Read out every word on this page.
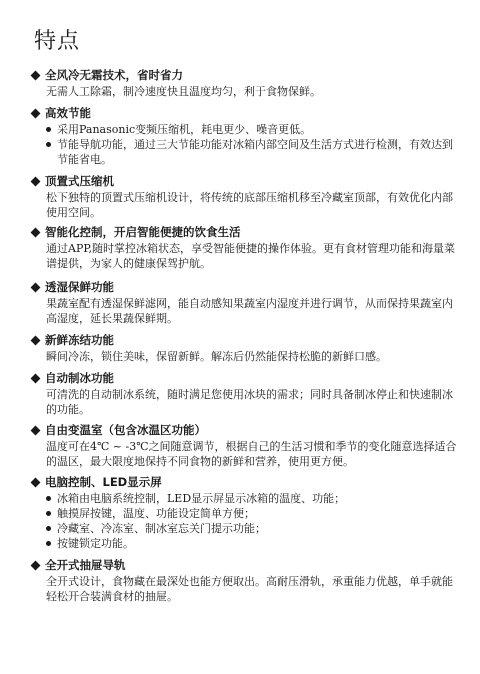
特点
全风冷无霜技术，省时省力
无需人工除霜，制冷速度快且温度均匀，利于食物保鲜。
高效节能
采用Panasonic变频压缩机，耗电更少、噪音更低。
节能导航功能，通过三大节能功能对冰箱内部空间及生活方式进行检测，有效达到节能省电。
顶置式压缩机
松下独特的顶置式压缩机设计，将传统的底部压缩机移至冷藏室顶部，有效优化内部使用空间。
智能化控制，开启智能便捷的饮食生活
通过APP,随时掌控冰箱状态，享受智能便捷的操作体验。更有食材管理功能和海量菜谱提供，为家人的健康保驾护航。
透湿保鲜功能
果蔬室配有透湿保鲜滤网，能自动感知果蔬室内湿度并进行调节，从而保持果蔬室内高湿度，延长果蔬保鲜期。
新鲜冻结功能
瞬间冷冻，锁住美味，保留新鲜。解冻后仍然能保持松脆的新鲜口感。
自动制冰功能
可清洗的自动制冰系统，随时满足您使用冰块的需求；同时具备制冰停止和快速制冰的功能。
自由变温室（包含冰温区功能）
温度可在4℃ ~ -3℃之间随意调节，根据自己的生活习惯和季节的变化随意选择适合的温区，最大限度地保持不同食物的新鲜和营养，使用更方便。
电脑控制、LED显示屏
冰箱由电脑系统控制，LED显示屏显示冰箱的温度、功能；
触摸屏按键，温度、功能设定简单方便；
冷藏室、冷冻室、制冰室忘关门提示功能；
按键锁定功能。
全开式抽屉导轨
全开式设计，食物藏在最深处也能方便取出。高耐压滑轨，承重能力优越，单手就能轻松开合装满食材的抽屉。
